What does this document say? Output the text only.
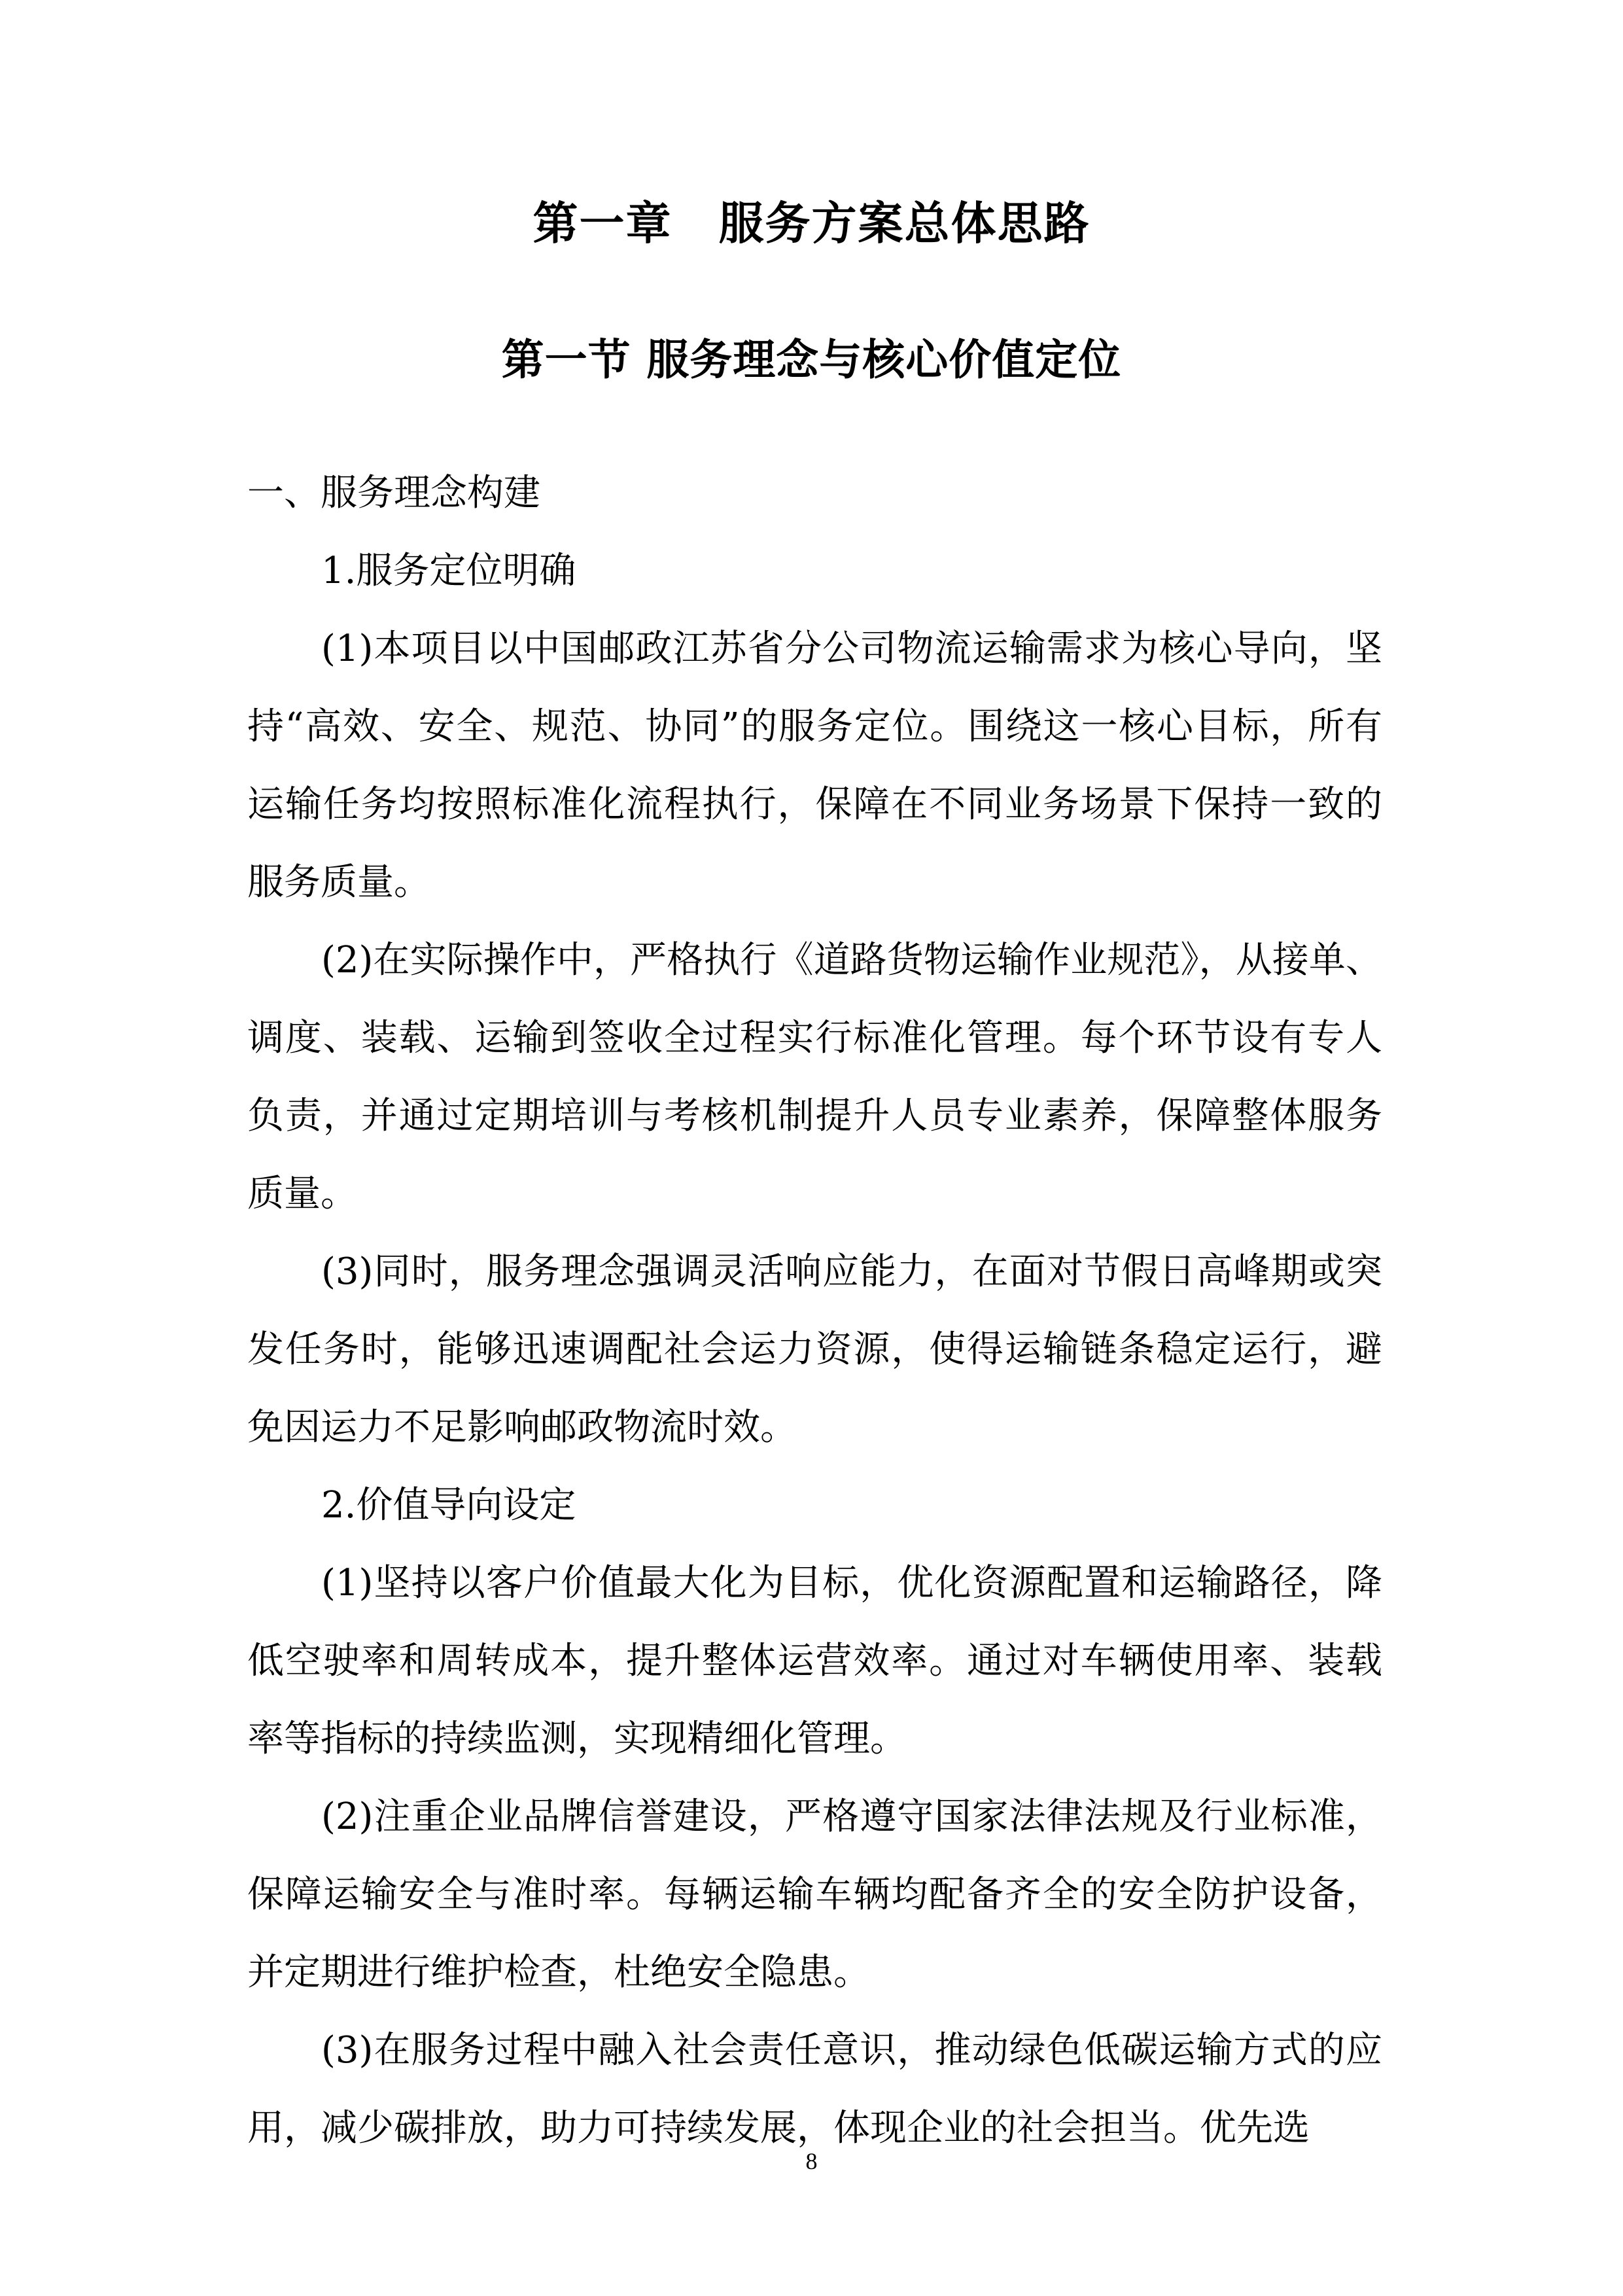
第一章　服务方案总体思路
第一节 服务理念与核心价值定位

一、服务理念构建

1.服务定位明确

(1)本项目以中国邮政江苏省分公司物流运输需求为核心导向，坚持“高效、安全、规范、协同”的服务定位。围绕这一核心目标，所有运输任务均按照标准化流程执行，保障在不同业务场景下保持一致的服务质量。

(2)在实际操作中，严格执行《道路货物运输作业规范》，从接单、调度、装载、运输到签收全过程实行标准化管理。每个环节设有专人负责，并通过定期培训与考核机制提升人员专业素养，保障整体服务质量。

(3)同时，服务理念强调灵活响应能力，在面对节假日高峰期或突发任务时，能够迅速调配社会运力资源，使得运输链条稳定运行，避免因运力不足影响邮政物流时效。

2.价值导向设定

(1)坚持以客户价值最大化为目标，优化资源配置和运输路径，降低空驶率和周转成本，提升整体运营效率。通过对车辆使用率、装载率等指标的持续监测，实现精细化管理。

(2)注重企业品牌信誉建设，严格遵守国家法律法规及行业标准，保障运输安全与准时率。每辆运输车辆均配备齐全的安全防护设备，并定期进行维护检查，杜绝安全隐患。

(3)在服务过程中融入社会责任意识，推动绿色低碳运输方式的应用，减少碳排放，助力可持续发展，体现企业的社会担当。优先选

8
